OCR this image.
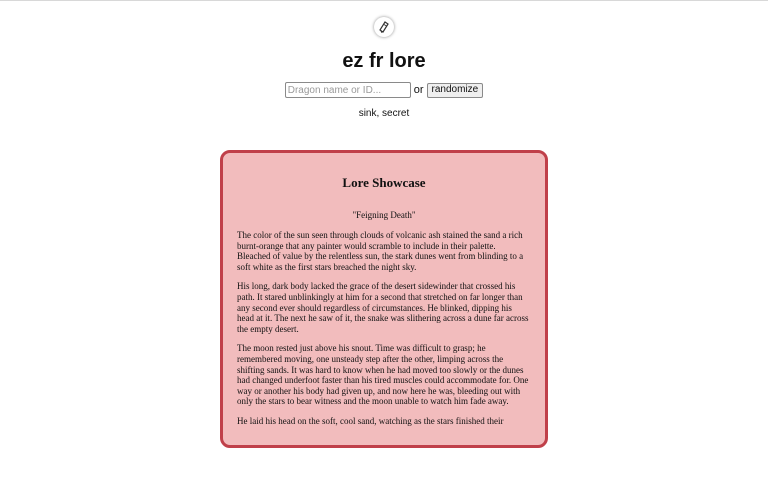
ez fr lore
Dragon name or ID...
or randomize
sink, secret
Lore Showcase

"Feigning Death"

The color of the sun seen through clouds of volcanic ash stained the sand a rich burnt-orange that any painter would scramble to include in their palette. Bleached of value by the relentless sun, the stark dunes went from blinding to a soft white as the first stars breached the night sky.

His long, dark body lacked the grace of the desert sidewinder that crossed his path. It stared unblinkingly at him for a second that stretched on far longer than any second ever should regardless of circumstances. He blinked, dipping his head at it. The next he saw of it, the snake was slithering across a dune far across the empty desert.

The moon rested just above his snout. Time was difficult to grasp; he remembered moving, one unsteady step after the other, limping across the shifting sands. It was hard to know when he had moved too slowly or the dunes had changed underfoot faster than his tired muscles could accommodate for. One way or another his body had given up, and now here he was, bleeding out with only the stars to bear witness and the moon unable to watch him fade away.

He laid his head on the soft, cool sand, watching as the stars finished their
